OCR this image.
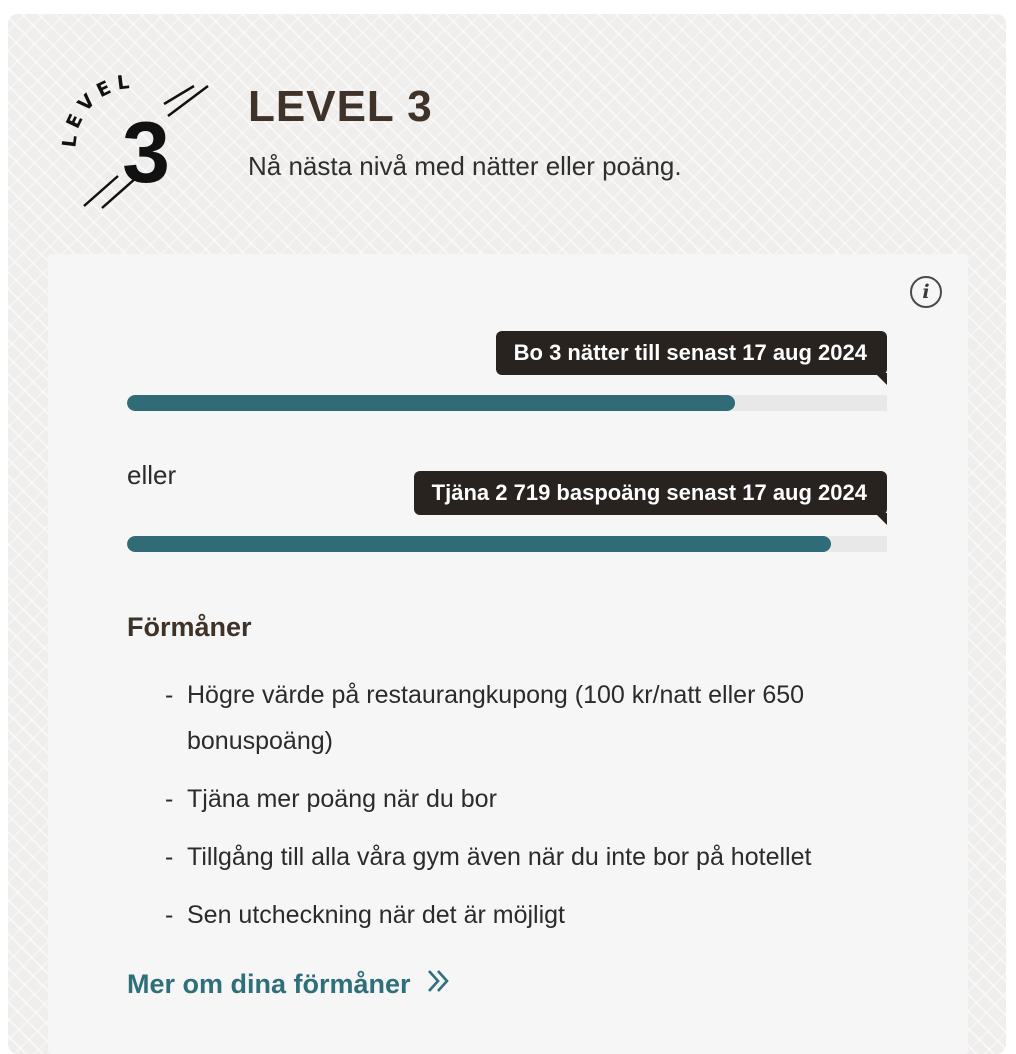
LEVEL
3 LEVEL 3

Nå nästa nivå med nätter eller poäng.

i
Bo 3 nätter till senast 17 aug 2024
eller
Tjäna 2 719 baspoäng senast 17 aug 2024
Förmåner
- Högre värde på restaurangkupong (100 kr/natt eller 650 bonuspoäng)
- Tjäna mer poäng när du bor
- Tillgång till alla våra gym även när du inte bor på hotellet
- Sen utcheckning när det är möjligt
Mer om dina förmåner
